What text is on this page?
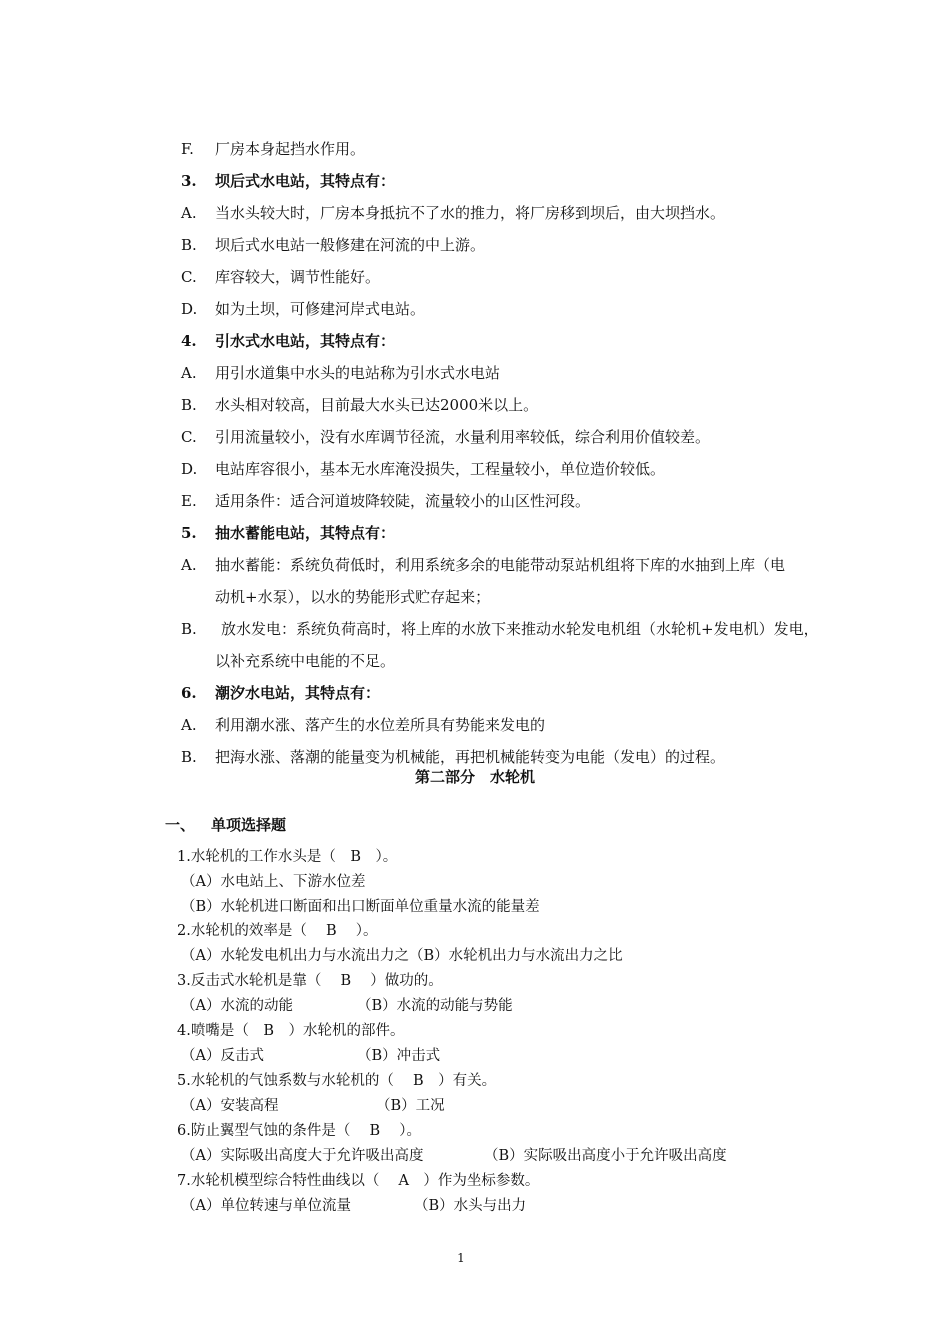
F. 厂房本身起挡水作用。
3. 坝后式水电站，其特点有：
A. 当水头较大时，厂房本身抵抗不了水的推力，将厂房移到坝后，由大坝挡水。
B. 坝后式水电站一般修建在河流的中上游。
C. 库容较大，调节性能好。
D. 如为土坝，可修建河岸式电站。
4. 引水式水电站，其特点有：
A. 用引水道集中水头的电站称为引水式水电站
B. 水头相对较高，目前最大水头已达2000米以上。
C. 引用流量较小，没有水库调节径流，水量利用率较低，综合利用价值较差。
D. 电站库容很小，基本无水库淹没损失，工程量较小，单位造价较低。
E. 适用条件：适合河道坡降较陡，流量较小的山区性河段。
5. 抽水蓄能电站，其特点有：
A. 抽水蓄能：系统负荷低时，利用系统多余的电能带动泵站机组将下库的水抽到上库（电
动机+水泵），以水的势能形式贮存起来；
B. 放水发电：系统负荷高时，将上库的水放下来推动水轮发电机组（水轮机+发电机）发电，
以补充系统中电能的不足。
6. 潮汐水电站，其特点有：
A. 利用潮水涨、落产生的水位差所具有势能来发电的
B. 把海水涨、落潮的能量变为机械能，再把机械能转变为电能（发电）的过程。
第二部分　水轮机
一、 单项选择题
1.水轮机的工作水头是（　B　）。
（A）水电站上、下游水位差
（B）水轮机进口断面和出口断面单位重量水流的能量差
2.水轮机的效率是（　 B　 ）。
（A）水轮发电机出力与水流出力之（B）水轮机出力与水流出力之比
3.反击式水轮机是靠（　 B　 ）做功的。
（A）水流的动能	（B）水流的动能与势能
4.喷嘴是（　B　）水轮机的部件。
（A）反击式	（B）冲击式
5.水轮机的气蚀系数与水轮机的（　 B　）有关。
（A）安装高程	（B）工况
6.防止翼型气蚀的条件是（　 B　 ）。
（A）实际吸出高度大于允许吸出高度	（B）实际吸出高度小于允许吸出高度
7.水轮机模型综合特性曲线以（　 A　）作为坐标参数。
（A）单位转速与单位流量	（B）水头与出力
1
